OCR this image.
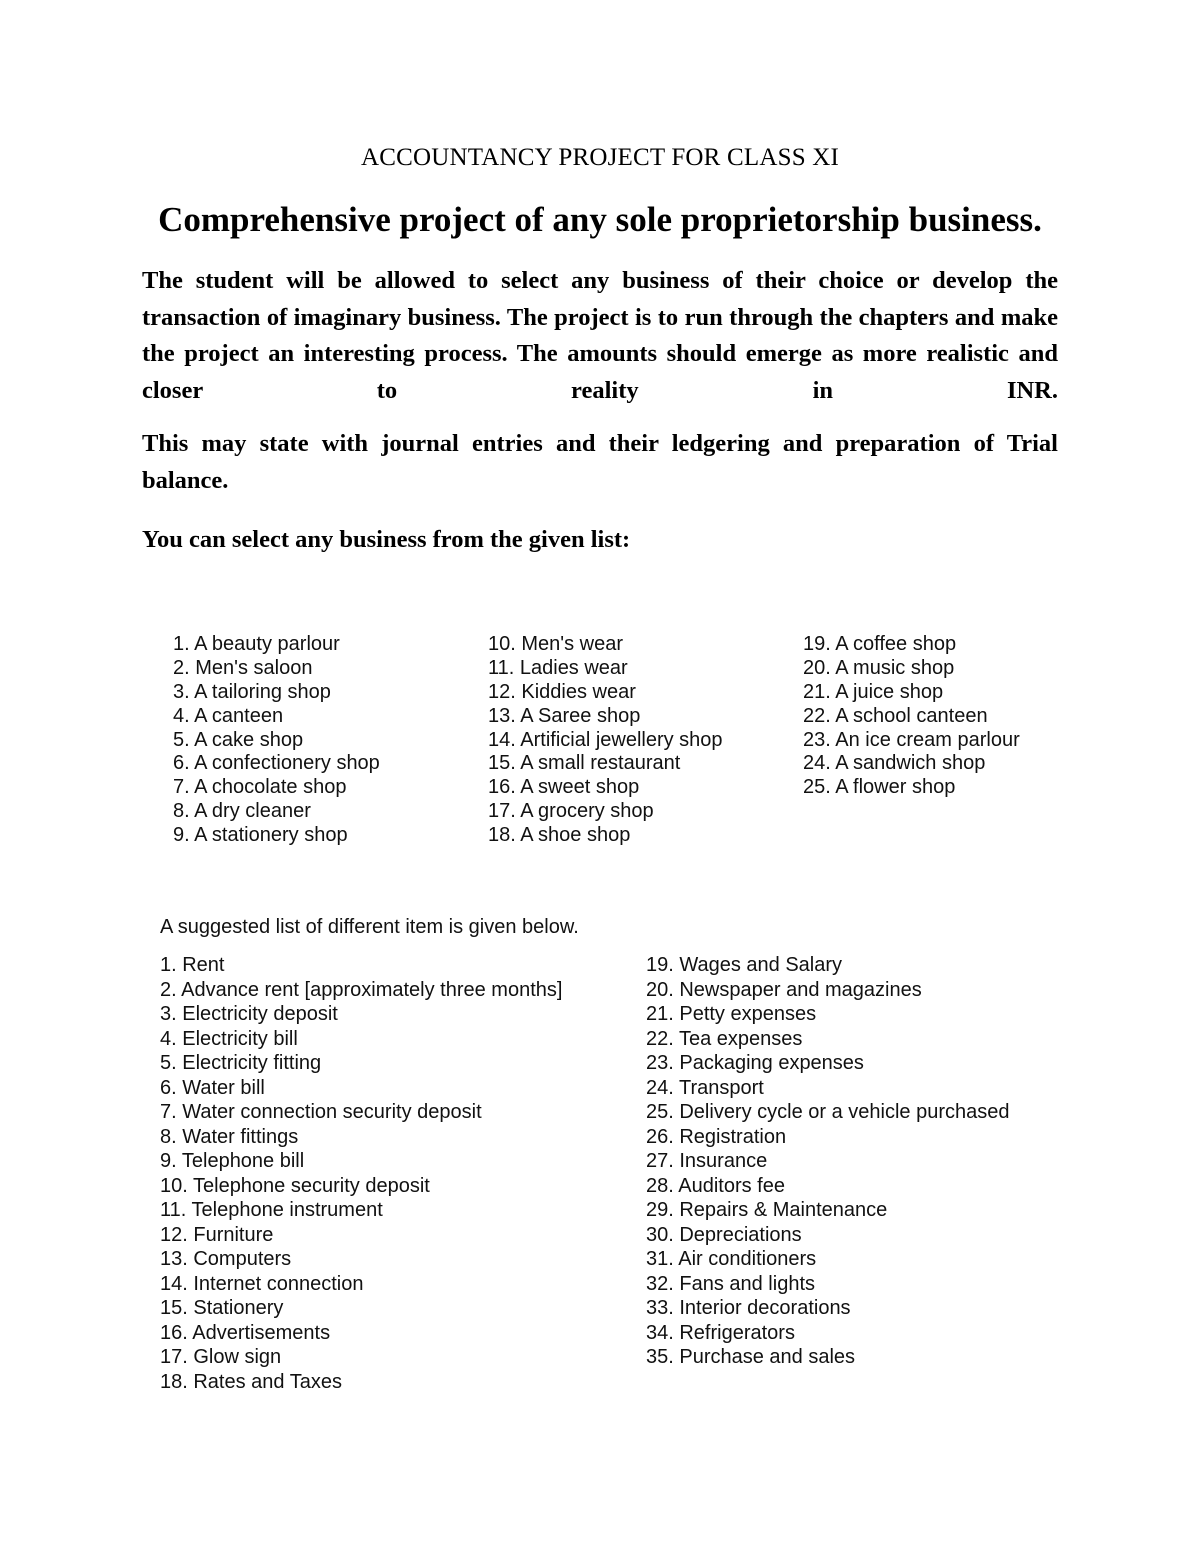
ACCOUNTANCY PROJECT FOR CLASS XI
Comprehensive project of any sole proprietorship business.

The student will be allowed to select any business of their choice or develop the transaction of imaginary business. The project is to run through the chapters and make the project an interesting process. The amounts should emerge as more realistic and closer to reality in INR.

This may state with journal entries and their ledgering and preparation of Trial balance.

You can select any business from the given list:

1. A beauty parlour
2. Men's saloon
3. A tailoring shop
4. A canteen
5. A cake shop
6. A confectionery shop
7. A chocolate shop
8. A dry cleaner
9. A stationery shop
10. Men's wear
11. Ladies wear
12. Kiddies wear
13. A Saree shop
14. Artificial jewellery shop
15. A small restaurant
16. A sweet shop
17. A grocery shop
18. A shoe shop
19. A coffee shop
20. A music shop
21. A juice shop
22. A school canteen
23. An ice cream parlour
24. A sandwich shop
25. A flower shop
A suggested list of different item is given below.
1. Rent
2. Advance rent [approximately three months]
3. Electricity deposit
4. Electricity bill
5. Electricity fitting
6. Water bill
7. Water connection security deposit
8. Water fittings
9. Telephone bill
10. Telephone security deposit
11. Telephone instrument
12. Furniture
13. Computers
14. Internet connection
15. Stationery
16. Advertisements
17. Glow sign
18. Rates and Taxes
19. Wages and Salary
20. Newspaper and magazines
21. Petty expenses
22. Tea expenses
23. Packaging expenses
24. Transport
25. Delivery cycle or a vehicle purchased
26. Registration
27. Insurance
28. Auditors fee
29. Repairs & Maintenance
30. Depreciations
31. Air conditioners
32. Fans and lights
33. Interior decorations
34. Refrigerators
35. Purchase and sales
